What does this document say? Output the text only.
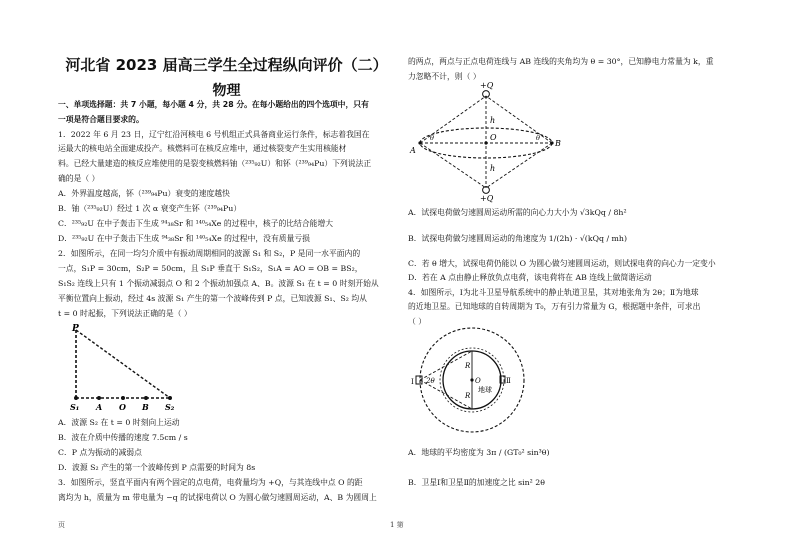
河北省 2023 届高三学生全过程纵向评价（二）
物理
一、单项选择题：共 7 小题，每小题 4 分，共 28 分。在每小题给出的四个选项中，只有
一项是符合题目要求的。
1．2022 年 6 月 23 日，辽宁红沿河核电 6 号机组正式具备商业运行条件，标志着我国在
运最大的核电站全面建成投产。核燃料可在核反应堆中，通过核裂变产生实用核能材
料。已经大量建造的核反应堆使用的是裂变核燃料铀（²³⁵₉₂U）和钚（²³⁹₉₄Pu）下列说法正
确的是（ ）
A．外界温度越高，钚（²³⁹₉₄Pu）衰变的速度越快
B．铀（²³⁵₉₂U）经过 1 次 α 衰变产生钚（²³⁹₉₄Pu）
C．²³⁵₉₂U 在中子轰击下生成 ⁹⁴₃₈Sr 和 ¹⁴⁰₅₄Xe 的过程中，核子的比结合能增大
D．²³⁵₉₂U 在中子轰击下生成 ⁹⁴₃₈Sr 和 ¹⁴⁰₅₄Xe 的过程中，没有质量亏损
2．如图所示，在同一均匀介质中有振动周期相同的波源 S₁ 和 S₂，P 是同一水平面内的
一点，S₁P = 30cm，S₂P = 50cm，且 S₁P 垂直于 S₁S₂，S₁A = AO = OB = BS₂，
S₁S₂ 连线上只有 1 个振动减弱点 O 和 2 个振动加强点 A、B。波源 S₁ 在 t = 0 时刻开始从
平衡位置向上振动，经过 4s 波源 S₁ 产生的第一个波峰传到 P 点，已知波源 S₁、S₂ 均从
t = 0 时起振，下列说法正确的是（ ）
P
S₁ A O B S₂
A．波源 S₂ 在 t = 0 时刻向上运动
B．波在介质中传播的速度 7.5cm / s
C．P 点为振动的减弱点
D．波源 S₂ 产生的第一个波峰传到 P 点需要的时间为 8s
3．如图所示，竖直平面内有两个固定的点电荷，电荷量均为 +Q，与其连线中点 O 的距
离均为 h，质量为 m 带电量为 −q 的试探电荷以 O 为圆心做匀速圆周运动，A、B 为圆周上
页	1 第
的两点，两点与正点电荷连线与 AB 连线的夹角均为 θ = 30°，已知静电力常量为 k，重
力忽略不计，则（ ）
+Q
+Q
h
h
O
A
B
θ	θ
A．试探电荷做匀速圆周运动所需的向心力大小为 √3kQq / 8h²
B．试探电荷做匀速圆周运动的角速度为 1/(2h) · √(kQq / mh)
C．若 θ 增大，试探电荷仍能以 O 为圆心做匀速圆周运动，则试探电荷的向心力一定变小
D．若在 A 点由静止释放负点电荷，该电荷将在 AB 连线上做简谐运动
4．如图所示，Ⅰ为北斗卫星导航系统中的静止轨道卫星，其对地张角为 2θ；Ⅱ为地球
的近地卫星。已知地球的自转周期为 T₀，万有引力常量为 G，根据题中条件，可求出
（ ）
Ⅰ 2θ
R
R
O
地球
Ⅱ
A．地球的平均密度为 3π / (GT₀² sin³θ)
B．卫星Ⅰ和卫星Ⅱ的加速度之比 sin² 2θ
